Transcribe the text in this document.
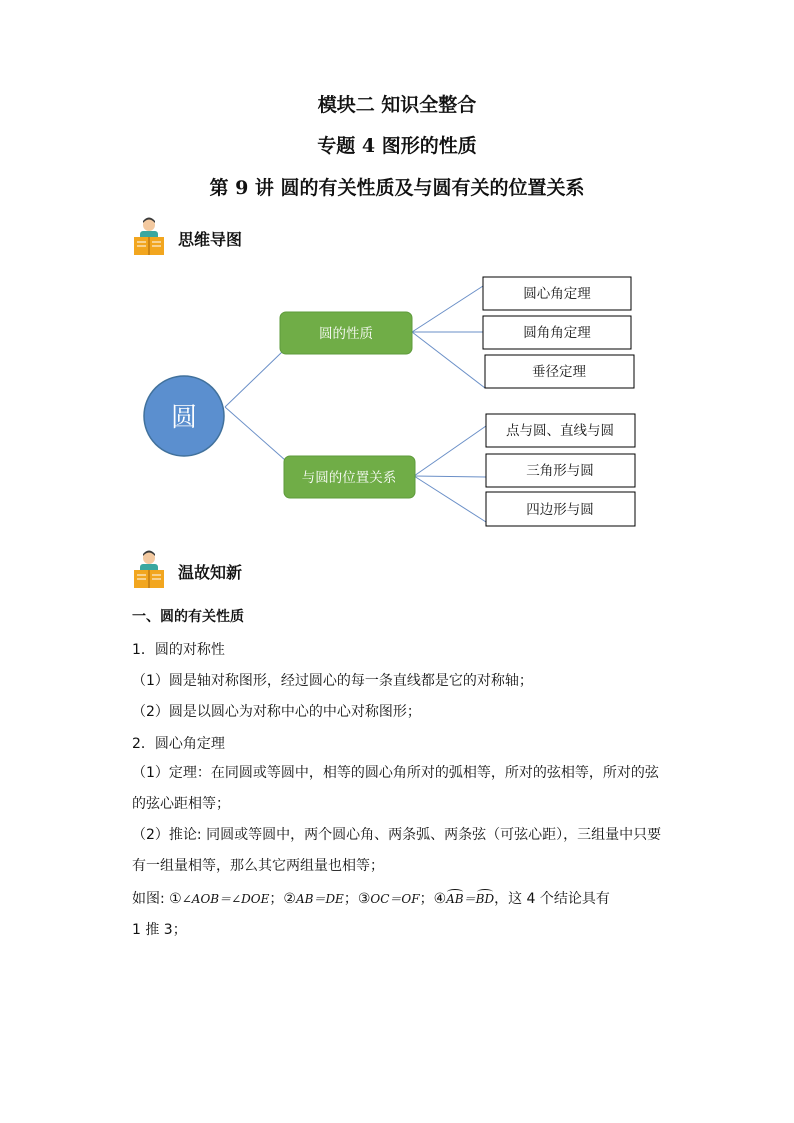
模块二 知识全整合
专题 4 图形的性质
第 9 讲 圆的有关性质及与圆有关的位置关系
思维导图
圆
圆的性质
与圆的位置关系
圆心角定理
圆角角定理
垂径定理
点与圆、直线与圆
三角形与圆
四边形与圆
温故知新
一、圆的有关性质
1．圆的对称性
（1）圆是轴对称图形，经过圆心的每一条直线都是它的对称轴；
（2）圆是以圆心为对称中心的中心对称图形；
2．圆心角定理
（1）定理：在同圆或等圆中，相等的圆心角所对的弧相等，所对的弦相等，所对的弦的弦心距相等；
（2）推论: 同圆或等圆中，两个圆心角、两条弧、两条弦（可弦心距），三组量中只要有一组量相等，那么其它两组量也相等；
如图: ①∠AOB＝∠DOE；②AB＝DE；③OC＝OF；④AB＝BD，这 4 个结论具有
1 推 3；
